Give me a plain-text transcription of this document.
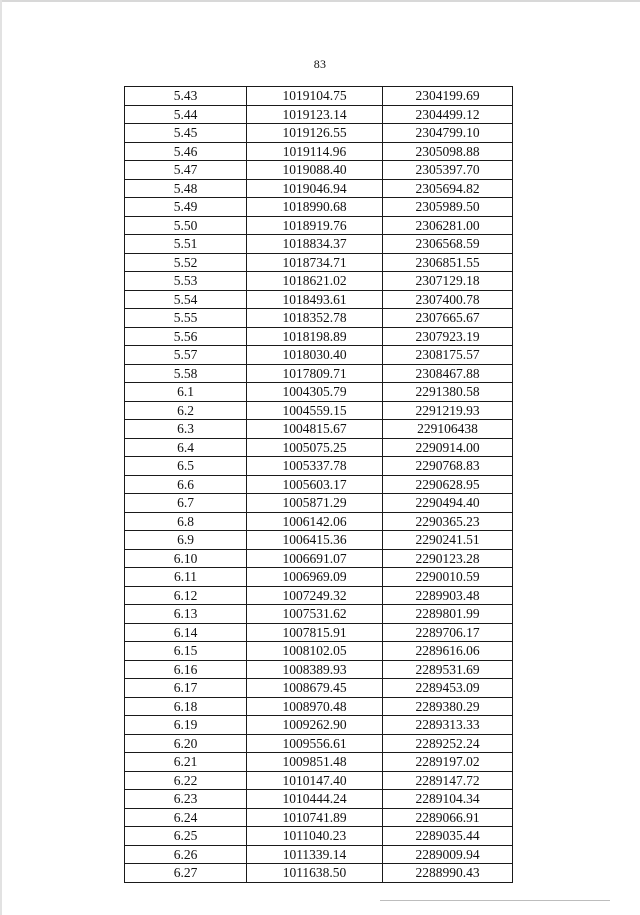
83
5.43	1019104.75	2304199.69
5.44	1019123.14	2304499.12
5.45	1019126.55	2304799.10
5.46	1019114.96	2305098.88
5.47	1019088.40	2305397.70
5.48	1019046.94	2305694.82
5.49	1018990.68	2305989.50
5.50	1018919.76	2306281.00
5.51	1018834.37	2306568.59
5.52	1018734.71	2306851.55
5.53	1018621.02	2307129.18
5.54	1018493.61	2307400.78
5.55	1018352.78	2307665.67
5.56	1018198.89	2307923.19
5.57	1018030.40	2308175.57
5.58	1017809.71	2308467.88
6.1	1004305.79	2291380.58
6.2	1004559.15	2291219.93
6.3	1004815.67	229106438
6.4	1005075.25	2290914.00
6.5	1005337.78	2290768.83
6.6	1005603.17	2290628.95
6.7	1005871.29	2290494.40
6.8	1006142.06	2290365.23
6.9	1006415.36	2290241.51
6.10	1006691.07	2290123.28
6.11	1006969.09	2290010.59
6.12	1007249.32	2289903.48
6.13	1007531.62	2289801.99
6.14	1007815.91	2289706.17
6.15	1008102.05	2289616.06
6.16	1008389.93	2289531.69
6.17	1008679.45	2289453.09
6.18	1008970.48	2289380.29
6.19	1009262.90	2289313.33
6.20	1009556.61	2289252.24
6.21	1009851.48	2289197.02
6.22	1010147.40	2289147.72
6.23	1010444.24	2289104.34
6.24	1010741.89	2289066.91
6.25	1011040.23	2289035.44
6.26	1011339.14	2289009.94
6.27	1011638.50	2288990.43
